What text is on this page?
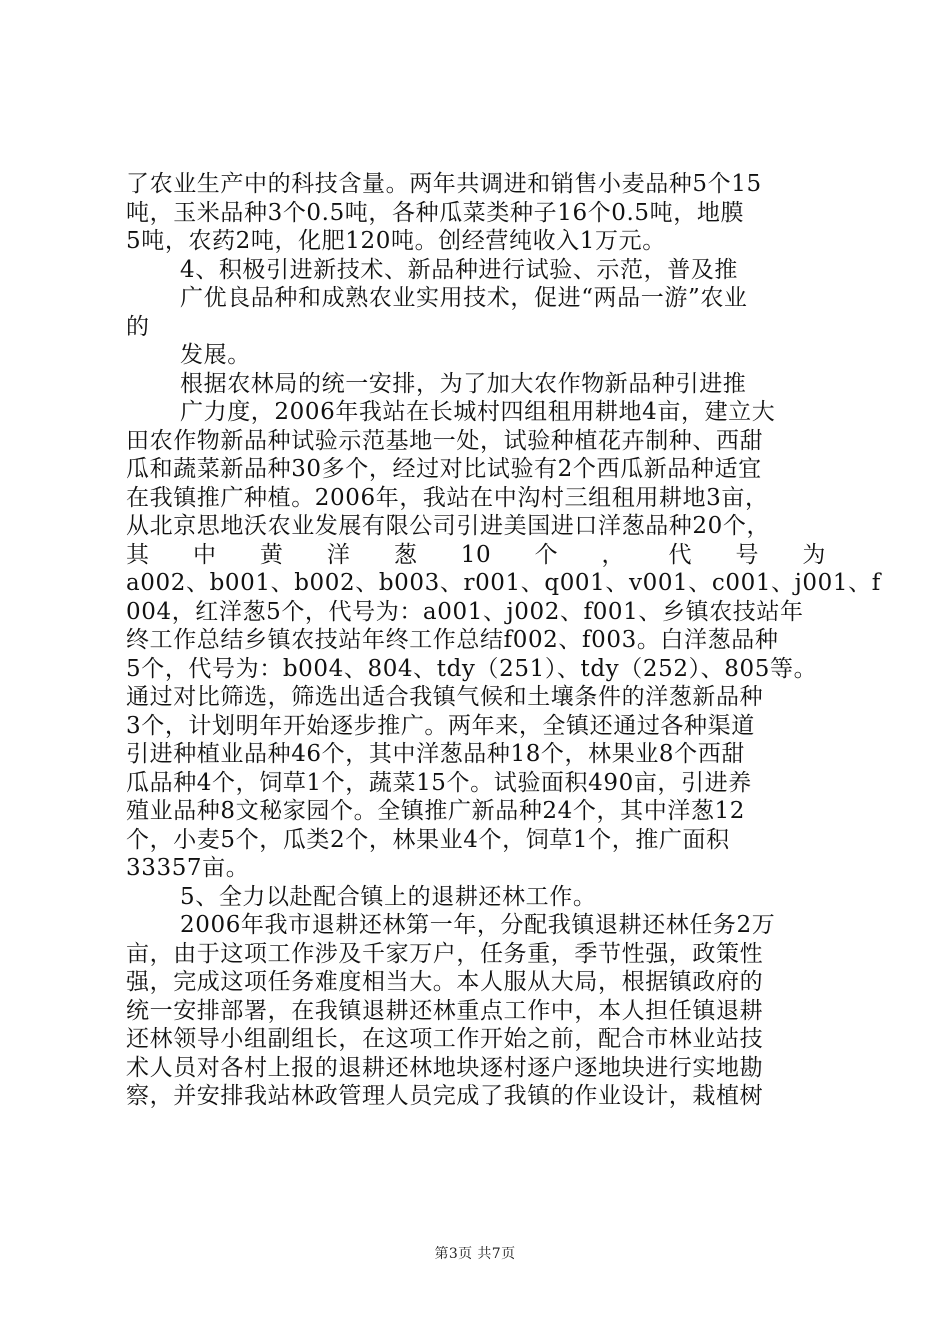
了农业生产中的科技含量。两年共调进和销售小麦品种5个15
吨，玉米品种3个0.5吨，各种瓜菜类种子16个0.5吨，地膜
5吨，农药2吨，化肥120吨。创经营纯收入1万元。
4、积极引进新技术、新品种进行试验、示范，普及推
广优良品种和成熟农业实用技术，促进“两品一游”农业
的
发展。
根据农林局的统一安排，为了加大农作物新品种引进推
广力度，2006年我站在长城村四组租用耕地4亩，建立大
田农作物新品种试验示范基地一处，试验种植花卉制种、西甜
瓜和蔬菜新品种30多个，经过对比试验有2个西瓜新品种适宜
在我镇推广种植。2006年，我站在中沟村三组租用耕地3亩，
从北京思地沃农业发展有限公司引进美国进口洋葱品种20个，
其 中 黄 洋 葱 10 个 ， 代 号 为
a002、b001、b002、b003、r001、q001、v001、c001、j001、f
004，红洋葱5个，代号为：a001、j002、f001、乡镇农技站年
终工作总结乡镇农技站年终工作总结f002、f003。白洋葱品种
5个，代号为：b004、804、tdy（251）、tdy（252）、805等。
通过对比筛选，筛选出适合我镇气候和土壤条件的洋葱新品种
3个，计划明年开始逐步推广。两年来，全镇还通过各种渠道
引进种植业品种46个，其中洋葱品种18个，林果业8个西甜
瓜品种4个，饲草1个，蔬菜15个。试验面积490亩，引进养
殖业品种8文秘家园个。全镇推广新品种24个，其中洋葱12
个，小麦5个，瓜类2个，林果业4个，饲草1个，推广面积
33357亩。
5、全力以赴配合镇上的退耕还林工作。
2006年我市退耕还林第一年，分配我镇退耕还林任务2万
亩，由于这项工作涉及千家万户，任务重，季节性强，政策性
强，完成这项任务难度相当大。本人服从大局，根据镇政府的
统一安排部署，在我镇退耕还林重点工作中，本人担任镇退耕
还林领导小组副组长，在这项工作开始之前，配合市林业站技
术人员对各村上报的退耕还林地块逐村逐户逐地块进行实地勘
察，并安排我站林政管理人员完成了我镇的作业设计，栽植树
第3页 共7页
